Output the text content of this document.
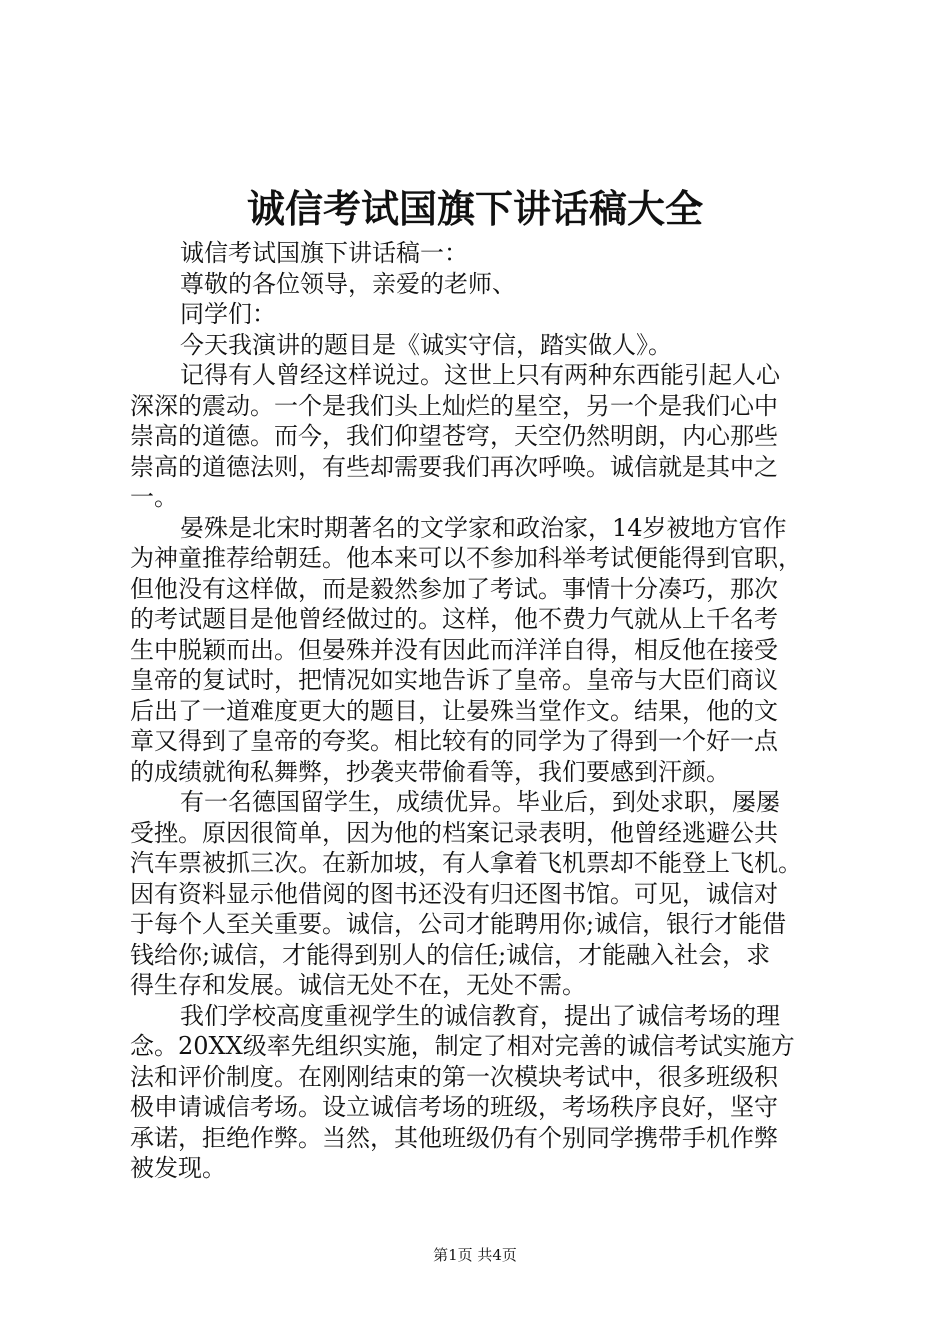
诚信考试国旗下讲话稿大全

诚信考试国旗下讲话稿一：

尊敬的各位领导，亲爱的老师、

同学们：

今天我演讲的题目是《诚实守信，踏实做人》。

记得有人曾经这样说过。这世上只有两种东西能引起人心

深深的震动。一个是我们头上灿烂的星空，另一个是我们心中

崇高的道德。而今，我们仰望苍穹，天空仍然明朗，内心那些

崇高的道德法则，有些却需要我们再次呼唤。诚信就是其中之

一。

晏殊是北宋时期著名的文学家和政治家，14岁被地方官作

为神童推荐给朝廷。他本来可以不参加科举考试便能得到官职，

但他没有这样做，而是毅然参加了考试。事情十分凑巧，那次

的考试题目是他曾经做过的。这样，他不费力气就从上千名考

生中脱颖而出。但晏殊并没有因此而洋洋自得，相反他在接受

皇帝的复试时，把情况如实地告诉了皇帝。皇帝与大臣们商议

后出了一道难度更大的题目，让晏殊当堂作文。结果，他的文

章又得到了皇帝的夸奖。相比较有的同学为了得到一个好一点

的成绩就徇私舞弊，抄袭夹带偷看等，我们要感到汗颜。

有一名德国留学生，成绩优异。毕业后，到处求职，屡屡

受挫。原因很简单，因为他的档案记录表明，他曾经逃避公共

汽车票被抓三次。在新加坡，有人拿着飞机票却不能登上飞机。

因有资料显示他借阅的图书还没有归还图书馆。可见，诚信对

于每个人至关重要。诚信，公司才能聘用你;诚信，银行才能借

钱给你;诚信，才能得到别人的信任;诚信，才能融入社会，求

得生存和发展。诚信无处不在，无处不需。

我们学校高度重视学生的诚信教育，提出了诚信考场的理

念。20XX级率先组织实施，制定了相对完善的诚信考试实施方

法和评价制度。在刚刚结束的第一次模块考试中，很多班级积

极申请诚信考场。设立诚信考场的班级，考场秩序良好，坚守

承诺，拒绝作弊。当然，其他班级仍有个别同学携带手机作弊

被发现。

第1页 共4页
